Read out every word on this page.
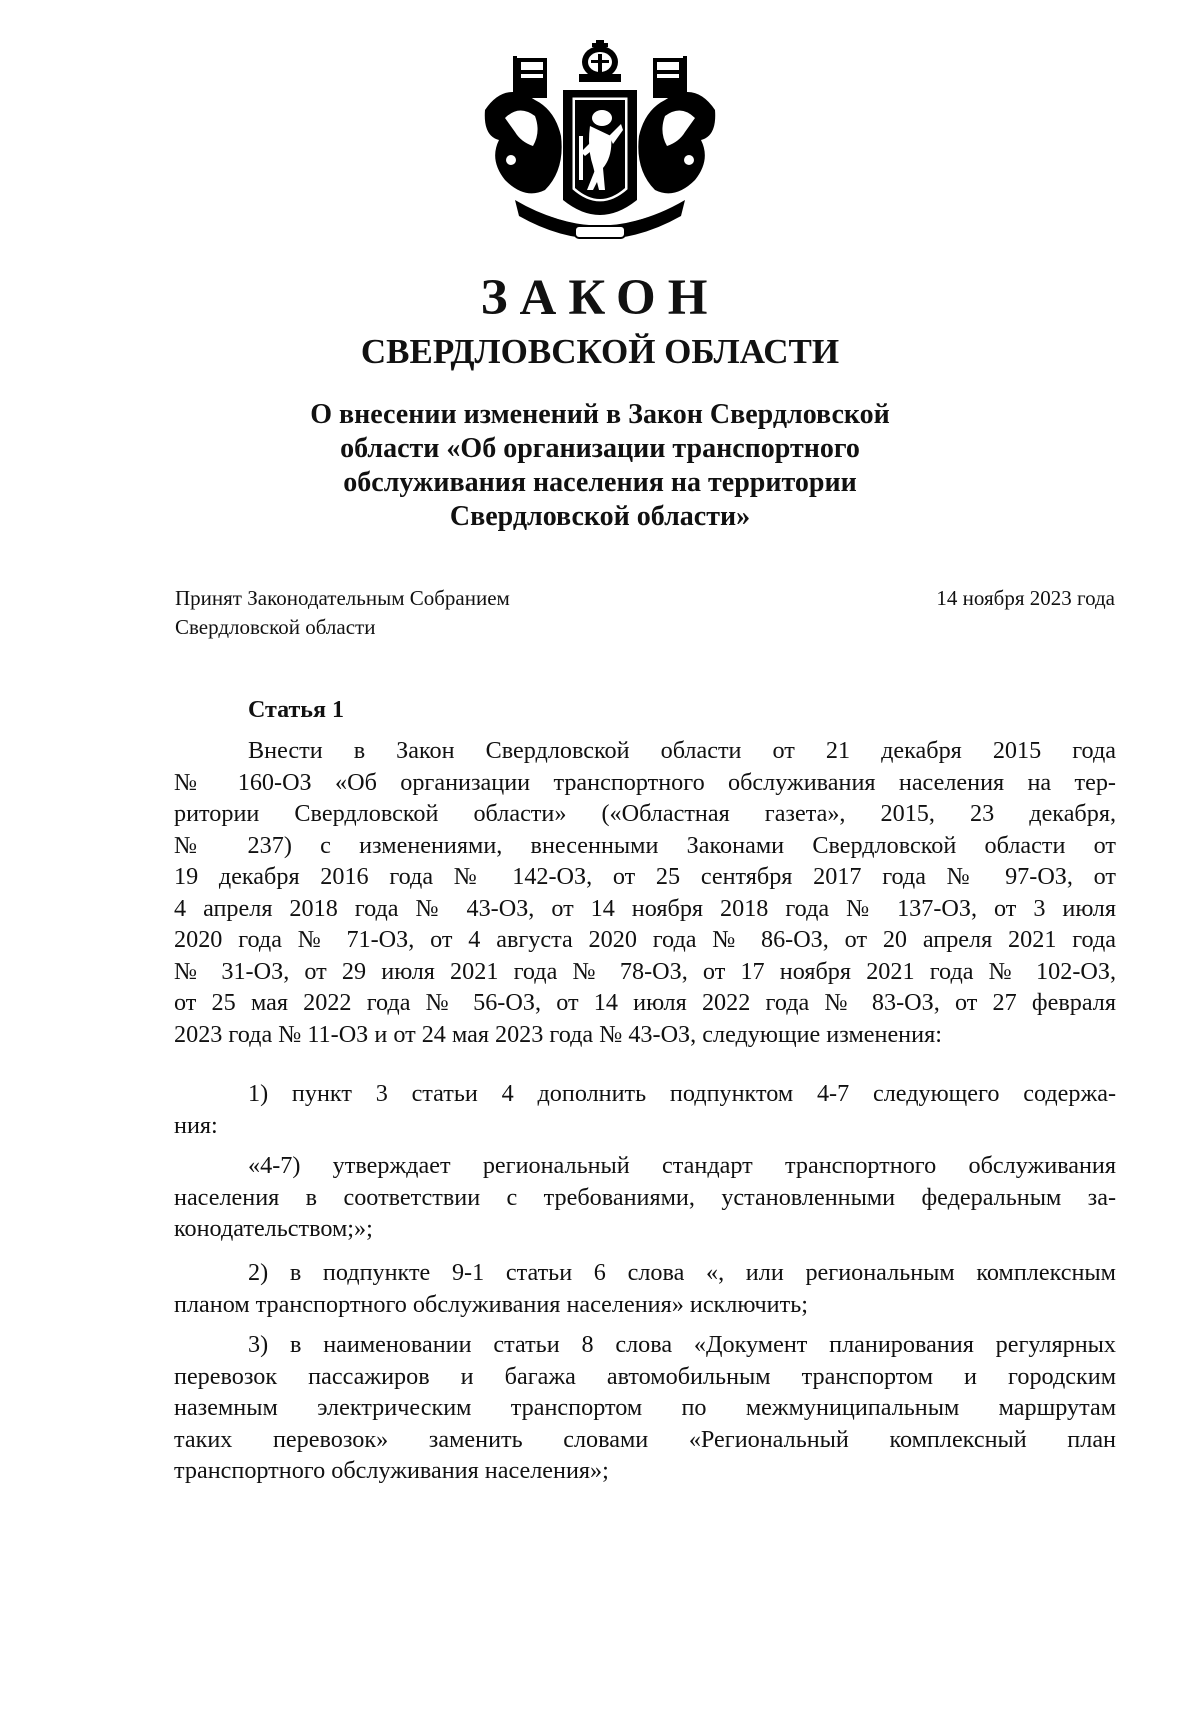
ЗАКОН
СВЕРДЛОВСКОЙ ОБЛАСТИ
О внесении изменений в Закон Свердловской
области «Об организации транспортного
обслуживания населения на территории
Свердловской области»
Принят Законодательным Собранием
Свердловской области
14 ноября 2023 года
Статья 1
Внести в Закон Свердловской области от 21 декабря 2015 года
№ 160-ОЗ «Об организации транспортного обслуживания населения на тер-
ритории Свердловской области» («Областная газета», 2015, 23 декабря,
№ 237) с изменениями, внесенными Законами Свердловской области от
19 декабря 2016 года № 142-ОЗ, от 25 сентября 2017 года № 97-ОЗ, от
4 апреля 2018 года № 43-ОЗ, от 14 ноября 2018 года № 137-ОЗ, от 3 июля
2020 года № 71-ОЗ, от 4 августа 2020 года № 86-ОЗ, от 20 апреля 2021 года
№ 31-ОЗ, от 29 июля 2021 года № 78-ОЗ, от 17 ноября 2021 года № 102-ОЗ,
от 25 мая 2022 года № 56-ОЗ, от 14 июля 2022 года № 83-ОЗ, от 27 февраля
2023 года № 11-ОЗ и от 24 мая 2023 года № 43-ОЗ, следующие изменения:
1) пункт 3 статьи 4 дополнить подпунктом 4-7 следующего содержа-
ния:
«4-7) утверждает региональный стандарт транспортного обслуживания
населения в соответствии с требованиями, установленными федеральным за-
конодательством;»;
2) в подпункте 9-1 статьи 6 слова «, или региональным комплексным
планом транспортного обслуживания населения» исключить;
3) в наименовании статьи 8 слова «Документ планирования регулярных
перевозок пассажиров и багажа автомобильным транспортом и городским
наземным электрическим транспортом по межмуниципальным маршрутам
таких перевозок» заменить словами «Региональный комплексный план
транспортного обслуживания населения»;
